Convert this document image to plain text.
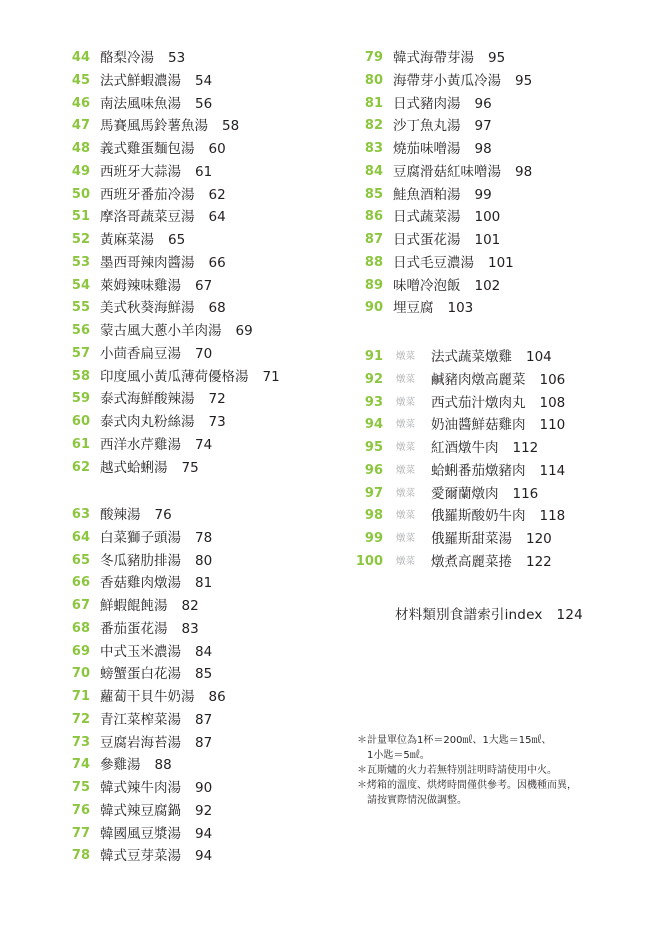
44 酪梨冷湯 53
45 法式鮮蝦濃湯 54
46 南法風味魚湯 56
47 馬賽風馬鈴薯魚湯 58
48 義式雞蛋麵包湯 60
49 西班牙大蒜湯 61
50 西班牙番茄冷湯 62
51 摩洛哥蔬菜豆湯 64
52 黃麻菜湯 65
53 墨西哥辣肉醬湯 66
54 萊姆辣味雞湯 67
55 美式秋葵海鮮湯 68
56 蒙古風大蔥小羊肉湯 69
57 小茴香扁豆湯 70
58 印度風小黃瓜薄荷優格湯 71
59 泰式海鮮酸辣湯 72
60 泰式肉丸粉絲湯 73
61 西洋水芹雞湯 74
62 越式蛤蜊湯 75
63 酸辣湯 76
64 白菜獅子頭湯 78
65 冬瓜豬肋排湯 80
66 香菇雞肉燉湯 81
67 鮮蝦餛飩湯 82
68 番茄蛋花湯 83
69 中式玉米濃湯 84
70 螃蟹蛋白花湯 85
71 蘿蔔干貝牛奶湯 86
72 青江菜榨菜湯 87
73 豆腐岩海苔湯 87
74 參雞湯 88
75 韓式辣牛肉湯 90
76 韓式辣豆腐鍋 92
77 韓國風豆漿湯 94
78 韓式豆芽菜湯 94
79 韓式海帶芽湯 95
80 海帶芽小黃瓜冷湯 95
81 日式豬肉湯 96
82 沙丁魚丸湯 97
83 燒茄味噌湯 98
84 豆腐滑菇紅味噌湯 98
85 鮭魚酒粕湯 99
86 日式蔬菜湯 100
87 日式蛋花湯 101
88 日式毛豆濃湯 101
89 味噌冷泡飯 102
90 埋豆腐 103
91 燉菜 法式蔬菜燉雞 104
92 燉菜 鹹豬肉燉高麗菜 106
93 燉菜 西式茄汁燉肉丸 108
94 燉菜 奶油醬鮮菇雞肉 110
95 燉菜 紅酒燉牛肉 112
96 燉菜 蛤蜊番茄燉豬肉 114
97 燉菜 愛爾蘭燉肉 116
98 燉菜 俄羅斯酸奶牛肉 118
99 燉菜 俄羅斯甜菜湯 120
100 燉菜 燉煮高麗菜捲 122
材料類別食譜索引index 124
＊計量單位為1杯＝200㎖、1大匙＝15㎖、
1小匙＝5㎖。
＊瓦斯爐的火力若無特別註明時請使用中火。
＊烤箱的溫度、烘烤時間僅供參考。因機種而異，
請按實際情況做調整。
